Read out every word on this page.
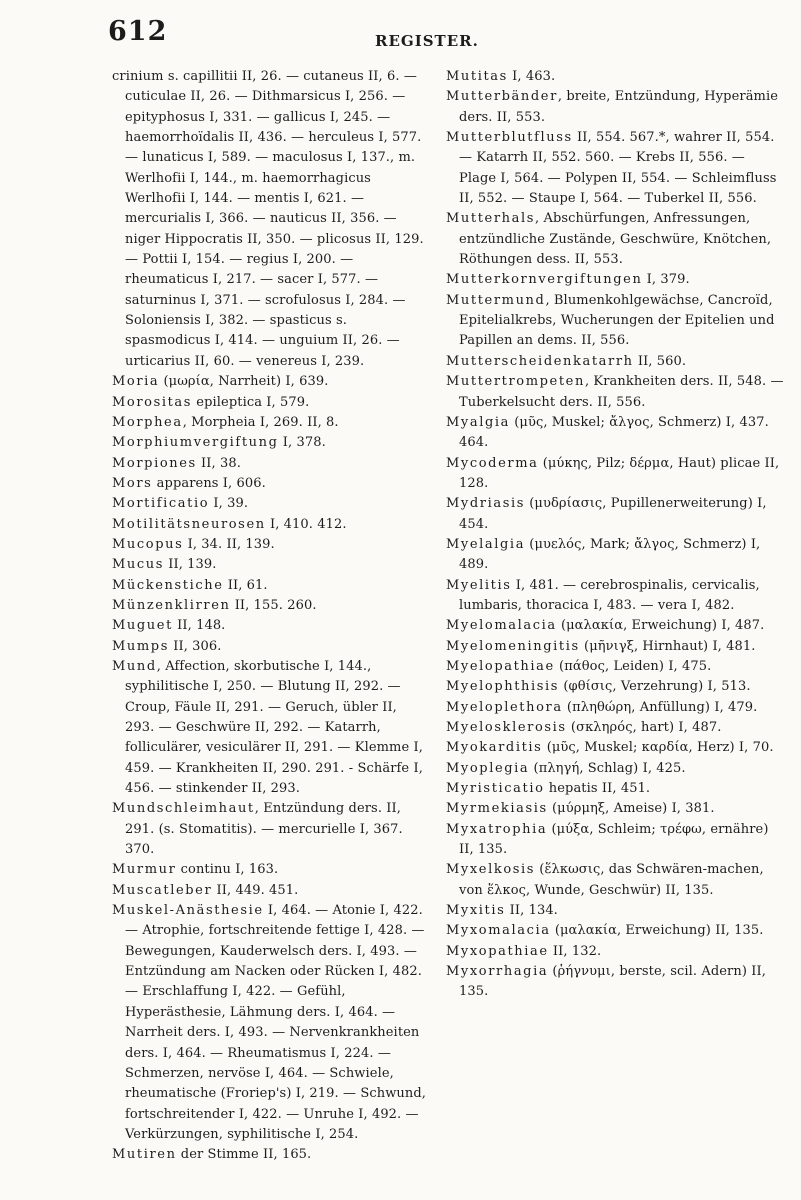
612	REGISTER.

crinium s. capillitii II, 26. — cutaneus II, 6. — cuticulae II, 26. — Dithmarsicus I, 256. — epityphosus I, 331. — gallicus I, 245. — haemorrhoïdalis II, 436. — herculeus I, 577. — lunaticus I, 589. — maculosus I, 137., m. Werlhofii I, 144., m. haemorrhagicus Werlhofii I, 144. — mentis I, 621. — mercurialis I, 366. — nauticus II, 356. — niger Hippocratis II, 350. — plicosus II, 129. — Pottii I, 154. — regius I, 200. — rheumaticus I, 217. — sacer I, 577. — saturninus I, 371. — scrofulosus I, 284. — Soloniensis I, 382. — spasticus s. spasmodicus I, 414. — unguium II, 26. — urticarius II, 60. — venereus I, 239.

Moria (μωρία, Narrheit) I, 639.

Morositas epileptica I, 579.

Morphea, Morpheia I, 269. II, 8.

Morphiumvergiftung I, 378.

Morpiones II, 38.

Mors apparens I, 606.

Mortificatio I, 39.

Motilitätsneurosen I, 410. 412.

Mucopus I, 34. II, 139.

Mucus II, 139.

Mückenstiche II, 61.

Münzenklirren II, 155. 260.

Muguet II, 148.

Mumps II, 306.

Mund, Affection, skorbutische I, 144., syphilitische I, 250. — Blutung II, 292. — Croup, Fäule II, 291. — Geruch, übler II, 293. — Geschwüre II, 292. — Katarrh, folliculärer, vesiculärer II, 291. — Klemme I, 459. — Krankheiten II, 290. 291. - Schärfe I, 456. — stinkender II, 293.

Mundschleimhaut, Entzündung ders. II, 291. (s. Stomatitis). — mercurielle I, 367. 370.

Murmur continu I, 163.

Muscatleber II, 449. 451.

Muskel-Anästhesie I, 464. — Atonie I, 422. — Atrophie, fortschreitende fettige I, 428. — Bewegungen, Kauderwelsch ders. I, 493. — Entzündung am Nacken oder Rücken I, 482. — Erschlaffung I, 422. — Gefühl, Hyperästhesie, Lähmung ders. I, 464. — Narrheit ders. I, 493. — Nervenkrankheiten ders. I, 464. — Rheumatismus I, 224. — Schmerzen, nervöse I, 464. — Schwiele, rheumatische (Froriep's) I, 219. — Schwund, fortschreitender I, 422. — Unruhe I, 492. — Verkürzungen, syphilitische I, 254.

Mutiren der Stimme II, 165.

Mutitas I, 463.

Mutterbänder, breite, Entzündung, Hyperämie ders. II, 553.

Mutterblutfluss II, 554. 567.*, wahrer II, 554. — Katarrh II, 552. 560. — Krebs II, 556. — Plage I, 564. — Polypen II, 554. — Schleimfluss II, 552. — Staupe I, 564. — Tuberkel II, 556.

Mutterhals, Abschürfungen, Anfressungen, entzündliche Zustände, Geschwüre, Knötchen, Röthungen dess. II, 553.

Mutterkornvergiftungen I, 379.

Muttermund, Blumenkohlgewächse, Cancroïd, Epitelialkrebs, Wucherungen der Epitelien und Papillen an dems. II, 556.

Mutterscheidenkatarrh II, 560.

Muttertrompeten, Krankheiten ders. II, 548. — Tuberkelsucht ders. II, 556.

Myalgia (μῦς, Muskel; ἄλγος, Schmerz) I, 437. 464.

Mycoderma (μύκης, Pilz; δέρμα, Haut) plicae II, 128.

Mydriasis (μυδρίασις, Pupillenerweiterung) I, 454.

Myelalgia (μυελός, Mark; ἄλγος, Schmerz) I, 489.

Myelitis I, 481. — cerebrospinalis, cervicalis, lumbaris, thoracica I, 483. — vera I, 482.

Myelomalacia (μαλακία, Erweichung) I, 487.

Myelomeningitis (μῆνιγξ, Hirnhaut) I, 481.

Myelopathiae (πάθος, Leiden) I, 475.

Myelophthisis (φθίσις, Verzehrung) I, 513.

Myeloplethora (πληθώρη, Anfüllung) I, 479.

Myelosklerosis (σκληρός, hart) I, 487.

Myokarditis (μῦς, Muskel; καρδία, Herz) I, 70.

Myoplegia (πληγή, Schlag) I, 425.

Myristicatio hepatis II, 451.

Myrmekiasis (μύρμηξ, Ameise) I, 381.

Myxatrophia (μύξα, Schleim; τρέφω, ernähre) II, 135.

Myxelkosis (ἕλκωσις, das Schwären-machen, von ἕλκος, Wunde, Geschwür) II, 135.

Myxitis II, 134.

Myxomalacia (μαλακία, Erweichung) II, 135.

Myxopathiae II, 132.

Myxorrhagia (ῥήγνυμι, berste, scil. Adern) II, 135.
